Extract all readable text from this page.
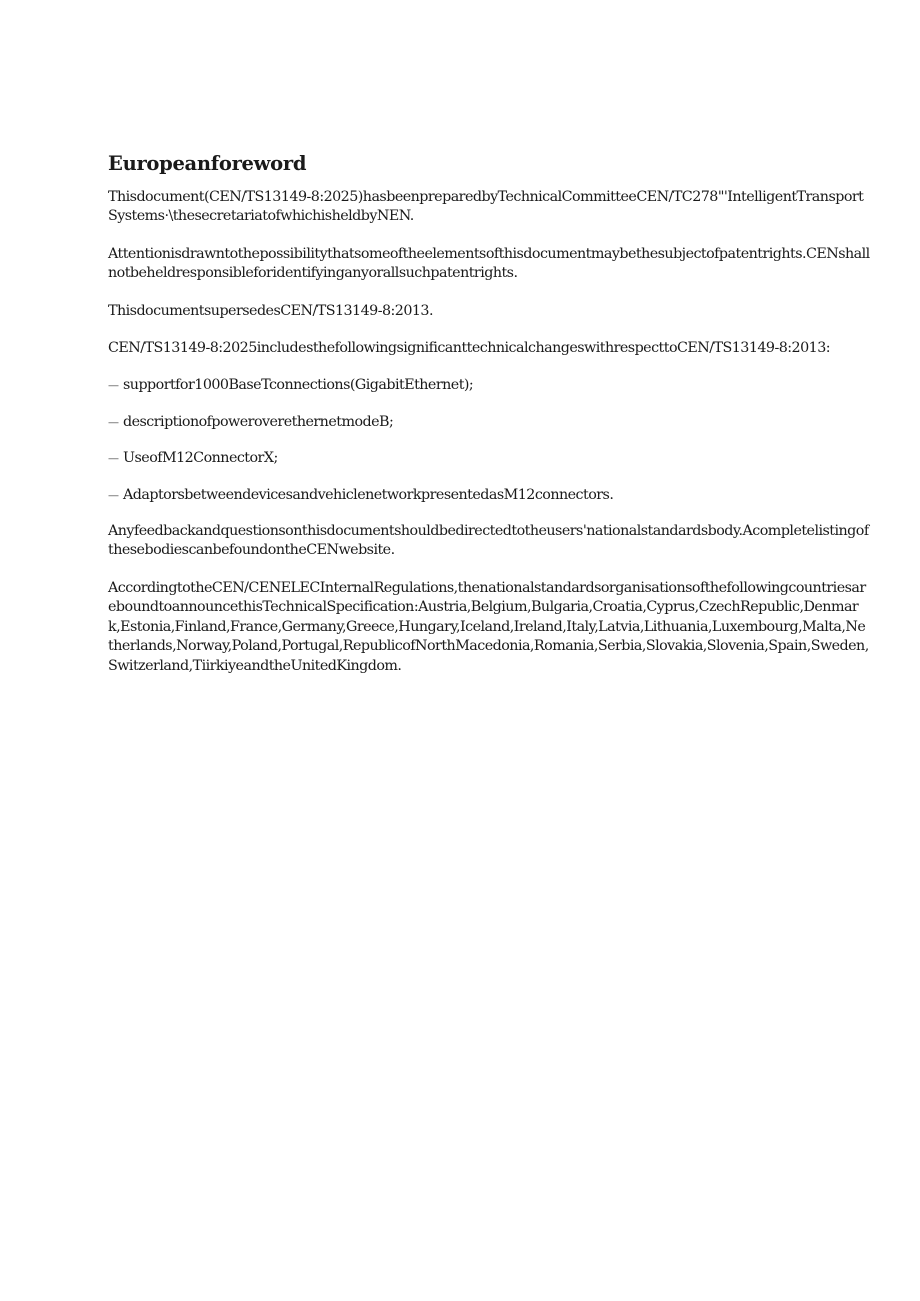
Europeanforeword

Thisdocument(CEN/TS13149-8:2025)hasbeenpreparedbyTechnicalCommitteeCEN/TC278"'IntelligentTransportSystems·\thesecretariatofwhichisheldbyNEN.

Attentionisdrawntothepossibilitythatsomeoftheelementsofthisdocumentmaybethesubjectofpatentrights.CENshallnotbeheldresponsibleforidentifyinganyorallsuchpatentrights.

ThisdocumentsupersedesCEN/TS13149-8:2013.

CEN/TS13149-8:2025includesthefollowingsignificanttechnicalchangeswithrespecttoCEN/TS13149-8:2013:

—
supportfor1000BaseTconnections(GigabitEthernet);
—
descriptionofpoweroverethernetmodeB;
—
UseofM12ConnectorX;
—
AdaptorsbetweendevicesandvehiclenetworkpresentedasM12connectors.

Anyfeedbackandquestionsonthisdocumentshouldbedirectedtotheusers'nationalstandardsbody.AcompletelistingofthesebodiescanbefoundontheCENwebsite.

AccordingtotheCEN/CENELECInternalRegulations,thenationalstandardsorganisationsofthefollowingcountriesareboundtoannouncethisTechnicalSpecification:Austria,Belgium,Bulgaria,Croatia,Cyprus,CzechRepublic,Denmark,Estonia,Finland,France,Germany,Greece,Hungary,Iceland,Ireland,Italy,Latvia,Lithuania,Luxembourg,Malta,Netherlands,Norway,Poland,Portugal,RepublicofNorthMacedonia,Romania,Serbia,Slovakia,Slovenia,Spain,Sweden,Switzerland,TiirkiyeandtheUnitedKingdom.
